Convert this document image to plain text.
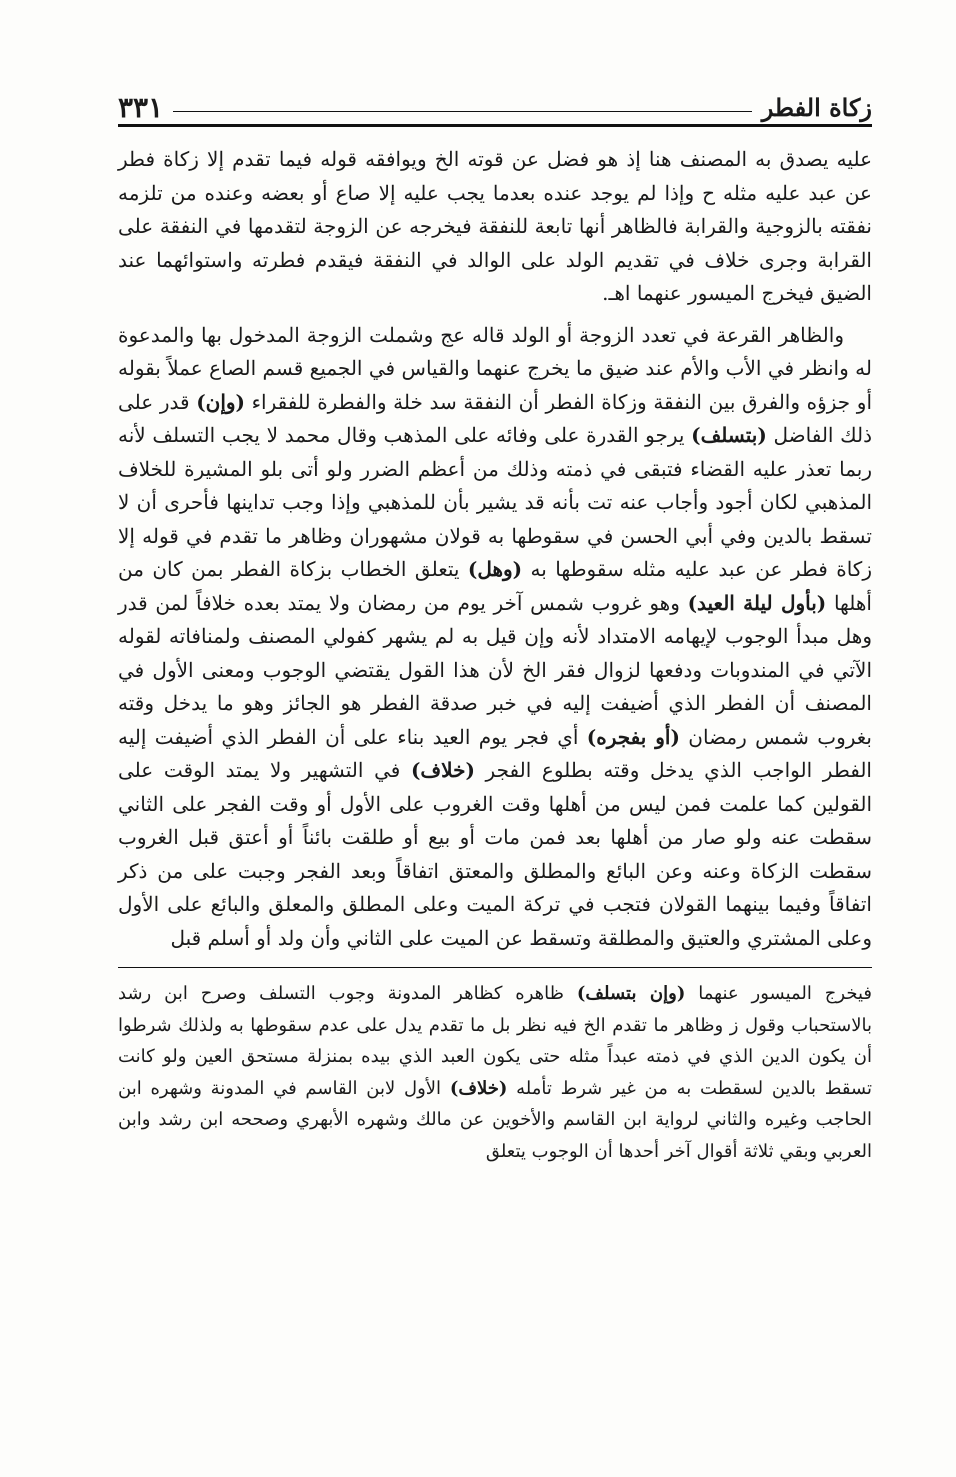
زكاة الفطر
٣٣١

عليه يصدق به المصنف هنا إذ هو فضل عن قوته الخ ويوافقه قوله فيما تقدم إلا زكاة فطر عن عبد عليه مثله ح وإذا لم يوجد عنده بعدما يجب عليه إلا صاع أو بعضه وعنده من تلزمه نفقته بالزوجية والقرابة فالظاهر أنها تابعة للنفقة فيخرجه عن الزوجة لتقدمها في النفقة على القرابة وجرى خلاف في تقديم الولد على الوالد في النفقة فيقدم فطرته واستوائهما عند الضيق فيخرج الميسور عنهما اهـ.

والظاهر القرعة في تعدد الزوجة أو الولد قاله عج وشملت الزوجة المدخول بها والمدعوة له وانظر في الأب والأم عند ضيق ما يخرج عنهما والقياس في الجميع قسم الصاع عملاً بقوله أو جزؤه والفرق بين النفقة وزكاة الفطر أن النفقة سد خلة والفطرة للفقراء (وإن) قدر على ذلك الفاضل (بتسلف) يرجو القدرة على وفائه على المذهب وقال محمد لا يجب التسلف لأنه ربما تعذر عليه القضاء فتبقى في ذمته وذلك من أعظم الضرر ولو أتى بلو المشيرة للخلاف المذهبي لكان أجود وأجاب عنه تت بأنه قد يشير بأن للمذهبي وإذا وجب تداينها فأحرى أن لا تسقط بالدين وفي أبي الحسن في سقوطها به قولان مشهوران وظاهر ما تقدم في قوله إلا زكاة فطر عن عبد عليه مثله سقوطها به (وهل) يتعلق الخطاب بزكاة الفطر بمن كان من أهلها (بأول ليلة العيد) وهو غروب شمس آخر يوم من رمضان ولا يمتد بعده خلافاً لمن قدر وهل مبدأ الوجوب لإيهامه الامتداد لأنه وإن قيل به لم يشهر كفولي المصنف ولمنافاته لقوله الآتي في المندوبات ودفعها لزوال فقر الخ لأن هذا القول يقتضي الوجوب ومعنى الأول في المصنف أن الفطر الذي أضيفت إليه في خبر صدقة الفطر هو الجائز وهو ما يدخل وقته بغروب شمس رمضان (أو بفجره) أي فجر يوم العيد بناء على أن الفطر الذي أضيفت إليه الفطر الواجب الذي يدخل وقته بطلوع الفجر (خلاف) في التشهير ولا يمتد الوقت على القولين كما علمت فمن ليس من أهلها وقت الغروب على الأول أو وقت الفجر على الثاني سقطت عنه ولو صار من أهلها بعد فمن مات أو بيع أو طلقت بائناً أو أعتق قبل الغروب سقطت الزكاة وعنه وعن البائع والمطلق والمعتق اتفاقاً وبعد الفجر وجبت على من ذكر اتفاقاً وفيما بينهما القولان فتجب في تركة الميت وعلى المطلق والمعلق والبائع على الأول وعلى المشتري والعتيق والمطلقة وتسقط عن الميت على الثاني وأن ولد أو أسلم قبل

فيخرج الميسور عنهما (وإن بتسلف) ظاهره كظاهر المدونة وجوب التسلف وصرح ابن رشد بالاستحباب وقول ز وظاهر ما تقدم الخ فيه نظر بل ما تقدم يدل على عدم سقوطها به ولذلك شرطوا أن يكون الدين الذي في ذمته عبداً مثله حتى يكون العبد الذي بيده بمنزلة مستحق العين ولو كانت تسقط بالدين لسقطت به من غير شرط تأمله (خلاف) الأول لابن القاسم في المدونة وشهره ابن الحاجب وغيره والثاني لرواية ابن القاسم والأخوين عن مالك وشهره الأبهري وصححه ابن رشد وابن العربي وبقي ثلاثة أقوال آخر أحدها أن الوجوب يتعلق
